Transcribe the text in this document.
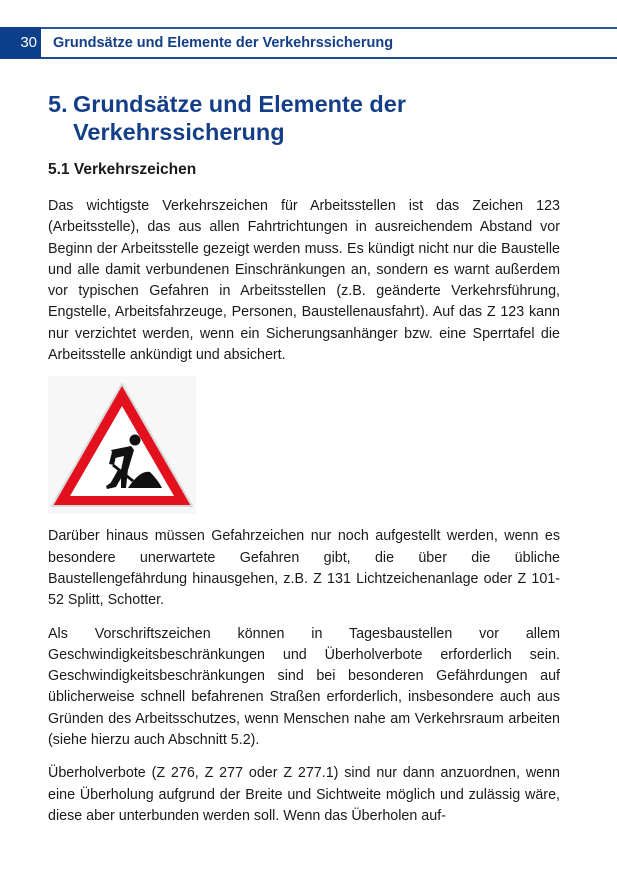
30 Grundsätze und Elemente der Verkehrssicherung
5. Grundsätze und Elemente der
Verkehrssicherung
5.1 Verkehrszeichen

Das wichtigste Verkehrszeichen für Arbeitsstellen ist das Zeichen 123 (Arbeitsstelle), das aus allen Fahrtrichtungen in ausreichendem Abstand vor Beginn der Arbeitsstelle gezeigt werden muss. Es kündigt nicht nur die Baustelle und alle damit verbundenen Einschränkungen an, sondern es warnt außerdem vor typischen Gefahren in Arbeitsstellen (z.B. geänderte Verkehrsführung, Engstelle, Arbeitsfahrzeuge, Personen, Baustellenausfahrt). Auf das Z 123 kann nur verzichtet werden, wenn ein Sicherungsanhänger bzw. eine Sperrtafel die Arbeitsstelle ankündigt und absichert.

Darüber hinaus müssen Gefahrzeichen nur noch aufgestellt werden, wenn es besondere unerwartete Gefahren gibt, die über die übliche Baustellengefährdung hinausgehen, z.B. Z 131 Lichtzeichenanlage oder Z 101-52 Splitt, Schotter.

Als Vorschriftszeichen können in Tagesbaustellen vor allem Geschwindigkeitsbeschränkungen und Überholverbote erforderlich sein. Geschwindigkeitsbeschränkungen sind bei besonderen Gefährdungen auf üblicherweise schnell befahrenen Straßen erforderlich, insbesondere auch aus Gründen des Arbeitsschutzes, wenn Menschen nahe am Verkehrsraum arbeiten (siehe hierzu auch Abschnitt 5.2).

Überholverbote (Z 276, Z 277 oder Z 277.1) sind nur dann anzuordnen, wenn eine Überholung aufgrund der Breite und Sichtweite möglich und zulässig wäre, diese aber unterbunden werden soll. Wenn das Überholen auf-
